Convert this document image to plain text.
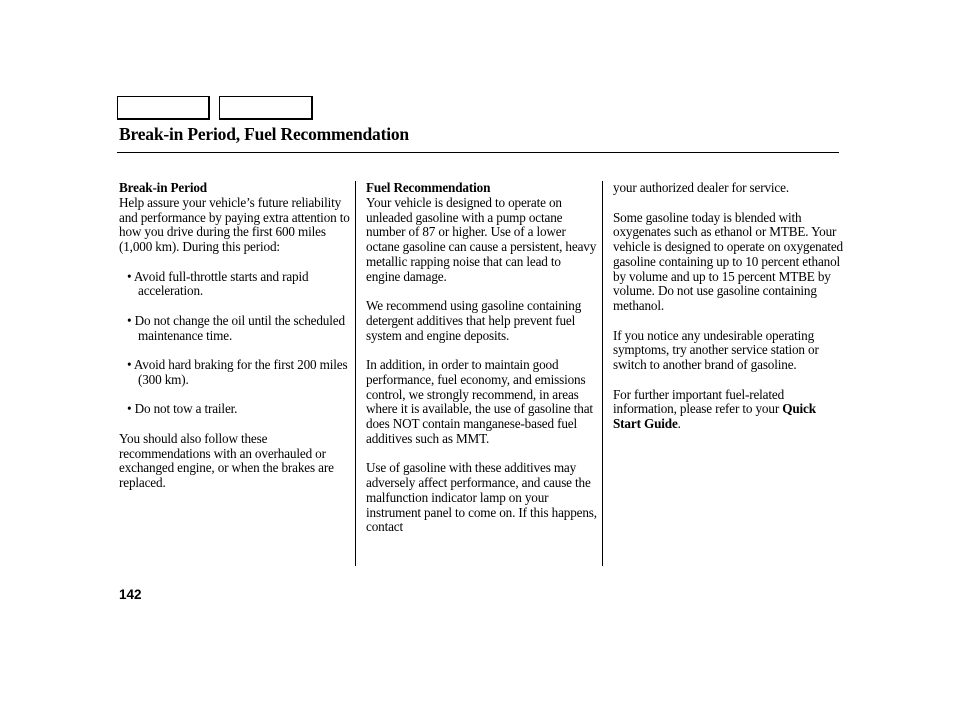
Break-in Period, Fuel Recommendation

Break-in Period
Help assure your vehicle’s future reliability and performance by paying extra attention to how you drive during the first 600 miles (1,000 km). During this period:

• Avoid full-throttle starts and rapid acceleration.
• Do not change the oil until the scheduled maintenance time.
• Avoid hard braking for the first 200 miles (300 km).
• Do not tow a trailer.

You should also follow these recommendations with an overhauled or exchanged engine, or when the brakes are replaced.

Fuel Recommendation
Your vehicle is designed to operate on unleaded gasoline with a pump octane number of 87 or higher. Use of a lower octane gasoline can cause a persistent, heavy metallic rapping noise that can lead to engine damage.

We recommend using gasoline containing detergent additives that help prevent fuel system and engine deposits.

In addition, in order to maintain good performance, fuel economy, and emissions control, we strongly recommend, in areas where it is available, the use of gasoline that does NOT contain manganese-based fuel additives such as MMT.

Use of gasoline with these additives may adversely affect performance, and cause the malfunction indicator lamp on your instrument panel to come on. If this happens, contact

your authorized dealer for service.

Some gasoline today is blended with oxygenates such as ethanol or MTBE. Your vehicle is designed to operate on oxygenated gasoline containing up to 10 percent ethanol by volume and up to 15 percent MTBE by volume. Do not use gasoline containing methanol.

If you notice any undesirable operating symptoms, try another service station or switch to another brand of gasoline.

For further important fuel-related information, please refer to your Quick Start Guide.

142
